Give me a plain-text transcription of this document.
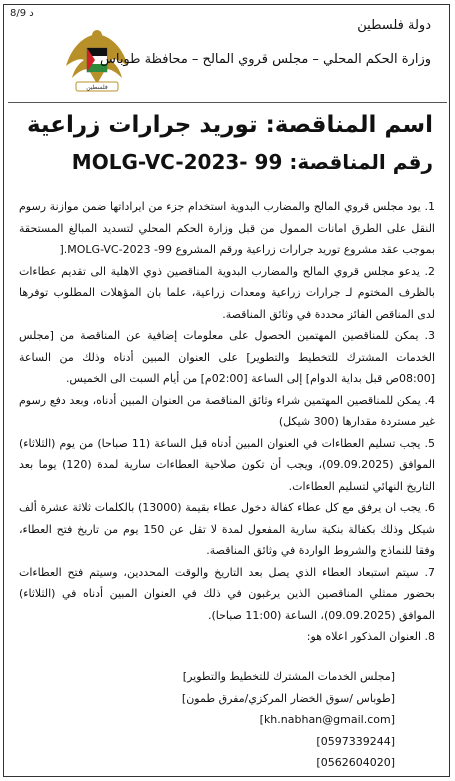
8/9 د
فلسطين
دولة فلسطين
وزارة الحكم المحلي – مجلس قروي المالح – محافظة طوباس
اسم المناقصة: توريد جرارات زراعية
رقم المناقصة: MOLG-VC-2023- 99

1. يود مجلس قروي المالح والمضارب البدوية استخدام جزء من ايراداتها ضمن موازنة رسوم النقل على الطرق امانات الممول من قبل وزارة الحكم المحلي لتسديد المبالغ المستحقة بموجب عقد مشروع توريد جرارات زراعية ورقم المشروع 99- MOLG-VC-2023.[

2. يدعو مجلس قروي المالح والمضارب البدوية المناقصين ذوي الاهلية الى تقديم عطاءات بالظرف المختوم لـ جرارات زراعية ومعدات زراعية، علما بان المؤهلات المطلوب توفرها لدى المناقص الفائز محددة في وثائق المناقصة.

3. يمكن للمناقصين المهتمين الحصول على معلومات إضافية عن المناقصة من [مجلس الخدمات المشترك للتخطيط والتطوير] على العنوان المبين أدناه وذلك من الساعة [08:00ص قبل بداية الدوام] إلى الساعة [02:00م] من أيام السبت الى الخميس.

4. يمكن للمناقصين المهتمين شراء وثائق المناقصة من العنوان المبين أدناه، وبعد دفع رسوم غير مستردة مقدارها (300 شيكل)

5. يجب تسليم العطاءات في العنوان المبين أدناه قبل الساعة (11 صباحا) من يوم (الثلاثاء) الموافق (09.09.2025)، ويجب أن تكون صلاحية العطاءات سارية لمدة (120) يوما بعد التاريخ النهائي لتسليم العطاءات.

6. يجب ان يرفق مع كل عطاء كفالة دخول عطاء بقيمة (13000) بالكلمات ثلاثة عشرة ألف شيكل وذلك بكفالة بنكية سارية المفعول لمدة لا تقل عن 150 يوم من تاريخ فتح العطاء، وفقا للنماذج والشروط الواردة في وثائق المناقصة.

7. سيتم استبعاد العطاء الذي يصل بعد التاريخ والوقت المحددين، وسيتم فتح العطاءات بحضور ممثلي المناقصين الذين يرغبون في ذلك في العنوان المبين أدناه في (الثلاثاء) الموافق (09.09.2025)، الساعة (11:00 صباحا).

8. العنوان المذكور اعلاه هو:

[مجلس الخدمات المشترك للتخطيط والتطوير]
[طوباس /سوق الخضار المركزي/مفرق طمون]
[kh.nabhan@gmail.com]
[0597339244]
[0562604020]
